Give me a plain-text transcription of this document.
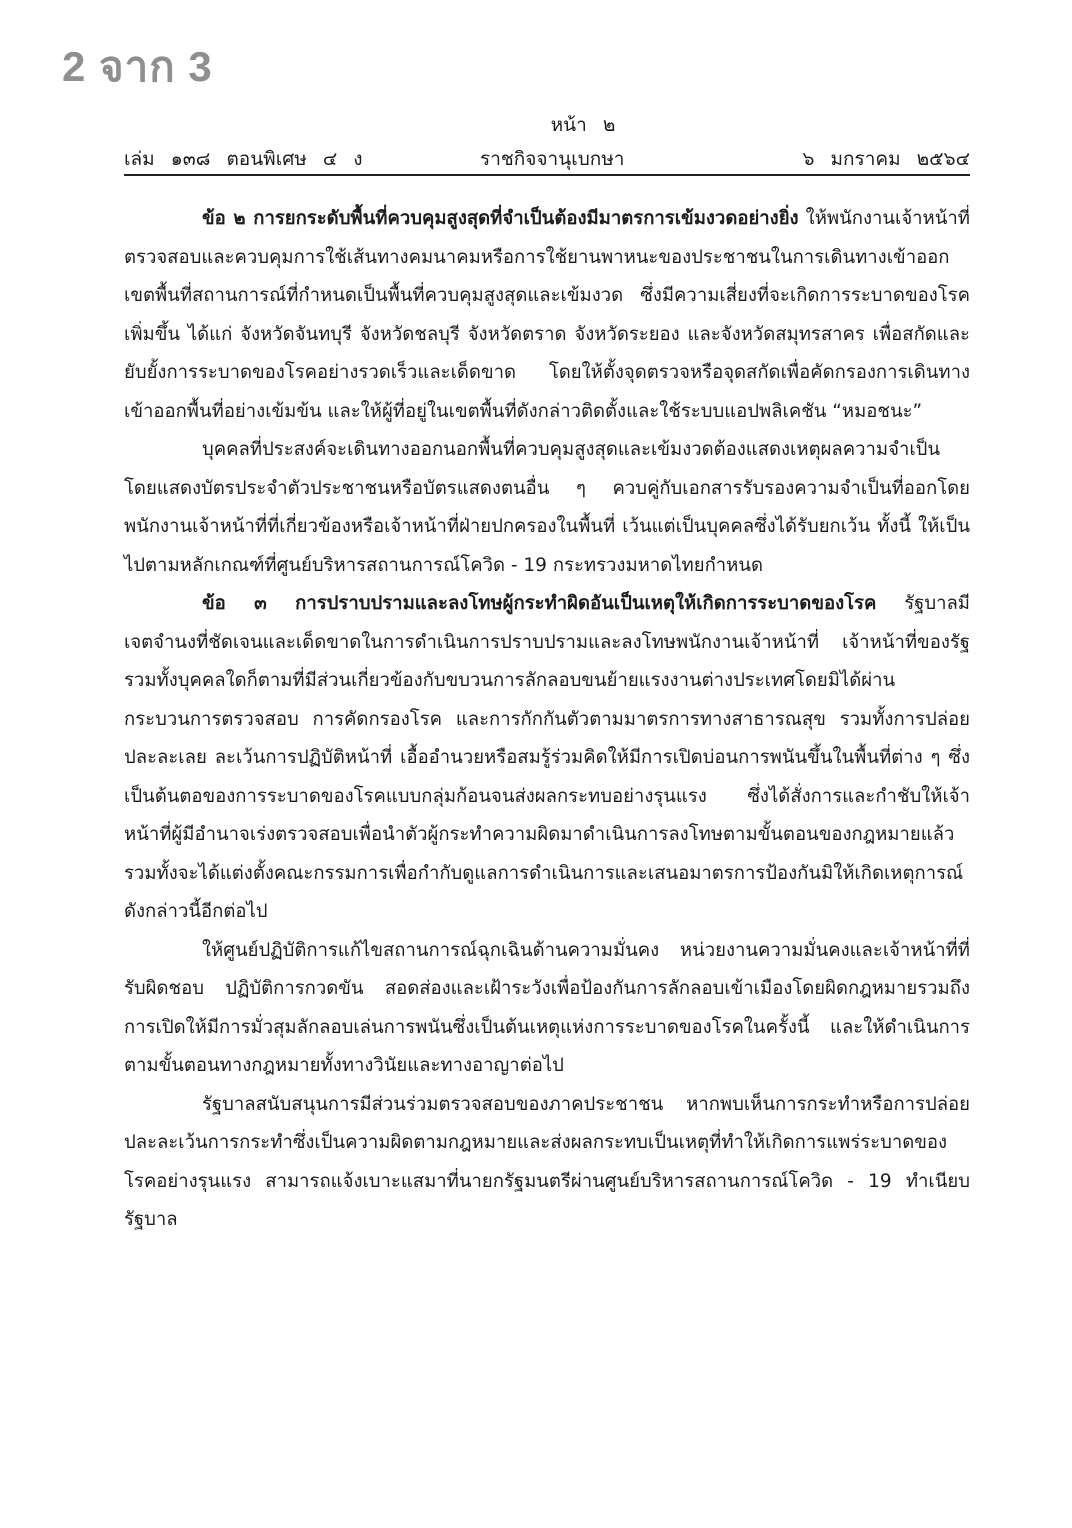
2 จาก 3
หน้า ๒
เล่ม ๑๓๘ ตอนพิเศษ ๔ ง	ราชกิจจานุเบกษา	๖ มกราคม ๒๕๖๔

ข้อ ๒ การยกระดับพื้นที่ควบคุมสูงสุดที่จำเป็นต้องมีมาตรการเข้มงวดอย่างยิ่ง ให้พนักงานเจ้าหน้าที่ตรวจสอบและควบคุมการใช้เส้นทางคมนาคมหรือการใช้ยานพาหนะของประชาชนในการเดินทางเข้าออกเขตพื้นที่สถานการณ์ที่กำหนดเป็นพื้นที่ควบคุมสูงสุดและเข้มงวด ซึ่งมีความเสี่ยงที่จะเกิดการระบาดของโรคเพิ่มขึ้น ได้แก่ จังหวัดจันทบุรี จังหวัดชลบุรี จังหวัดตราด จังหวัดระยอง และจังหวัดสมุทรสาคร เพื่อสกัดและยับยั้งการระบาดของโรคอย่างรวดเร็วและเด็ดขาด โดยให้ตั้งจุดตรวจหรือจุดสกัดเพื่อคัดกรองการเดินทางเข้าออกพื้นที่อย่างเข้มข้น และให้ผู้ที่อยู่ในเขตพื้นที่ดังกล่าวติดตั้งและใช้ระบบแอปพลิเคชัน “หมอชนะ”

บุคคลที่ประสงค์จะเดินทางออกนอกพื้นที่ควบคุมสูงสุดและเข้มงวดต้องแสดงเหตุผลความจำเป็นโดยแสดงบัตรประจำตัวประชาชนหรือบัตรแสดงตนอื่น ๆ ควบคู่กับเอกสารรับรองความจำเป็นที่ออกโดยพนักงานเจ้าหน้าที่ที่เกี่ยวข้องหรือเจ้าหน้าที่ฝ่ายปกครองในพื้นที่ เว้นแต่เป็นบุคคลซึ่งได้รับยกเว้น ทั้งนี้ ให้เป็นไปตามหลักเกณฑ์ที่ศูนย์บริหารสถานการณ์โควิด - 19 กระทรวงมหาดไทยกำหนด

ข้อ ๓ การปราบปรามและลงโทษผู้กระทำผิดอันเป็นเหตุให้เกิดการระบาดของโรค รัฐบาลมีเจตจำนงที่ชัดเจนและเด็ดขาดในการดำเนินการปราบปรามและลงโทษพนักงานเจ้าหน้าที่ เจ้าหน้าที่ของรัฐ รวมทั้งบุคคลใดก็ตามที่มีส่วนเกี่ยวข้องกับขบวนการลักลอบขนย้ายแรงงานต่างประเทศโดยมิได้ผ่านกระบวนการตรวจสอบ การคัดกรองโรค และการกักกันตัวตามมาตรการทางสาธารณสุข รวมทั้งการปล่อยปละละเลย ละเว้นการปฏิบัติหน้าที่ เอื้ออำนวยหรือสมรู้ร่วมคิดให้มีการเปิดบ่อนการพนันขึ้นในพื้นที่ต่าง ๆ ซึ่งเป็นต้นตอของการระบาดของโรคแบบกลุ่มก้อนจนส่งผลกระทบอย่างรุนแรง ซึ่งได้สั่งการและกำชับให้เจ้าหน้าที่ผู้มีอำนาจเร่งตรวจสอบเพื่อนำตัวผู้กระทำความผิดมาดำเนินการลงโทษตามขั้นตอนของกฎหมายแล้ว รวมทั้งจะได้แต่งตั้งคณะกรรมการเพื่อกำกับดูแลการดำเนินการและเสนอมาตรการป้องกันมิให้เกิดเหตุการณ์ดังกล่าวนี้อีกต่อไป

ให้ศูนย์ปฏิบัติการแก้ไขสถานการณ์ฉุกเฉินด้านความมั่นคง หน่วยงานความมั่นคงและเจ้าหน้าที่ที่รับผิดชอบ ปฏิบัติการกวดขัน สอดส่องและเฝ้าระวังเพื่อป้องกันการลักลอบเข้าเมืองโดยผิดกฎหมายรวมถึงการเปิดให้มีการมั่วสุมลักลอบเล่นการพนันซึ่งเป็นต้นเหตุแห่งการระบาดของโรคในครั้งนี้ และให้ดำเนินการตามขั้นตอนทางกฎหมายทั้งทางวินัยและทางอาญาต่อไป

รัฐบาลสนับสนุนการมีส่วนร่วมตรวจสอบของภาคประชาชน หากพบเห็นการกระทำหรือการปล่อยปละละเว้นการกระทำซึ่งเป็นความผิดตามกฎหมายและส่งผลกระทบเป็นเหตุที่ทำให้เกิดการแพร่ระบาดของโรคอย่างรุนแรง สามารถแจ้งเบาะแสมาที่นายกรัฐมนตรีผ่านศูนย์บริหารสถานการณ์โควิด - 19 ทำเนียบรัฐบาล
